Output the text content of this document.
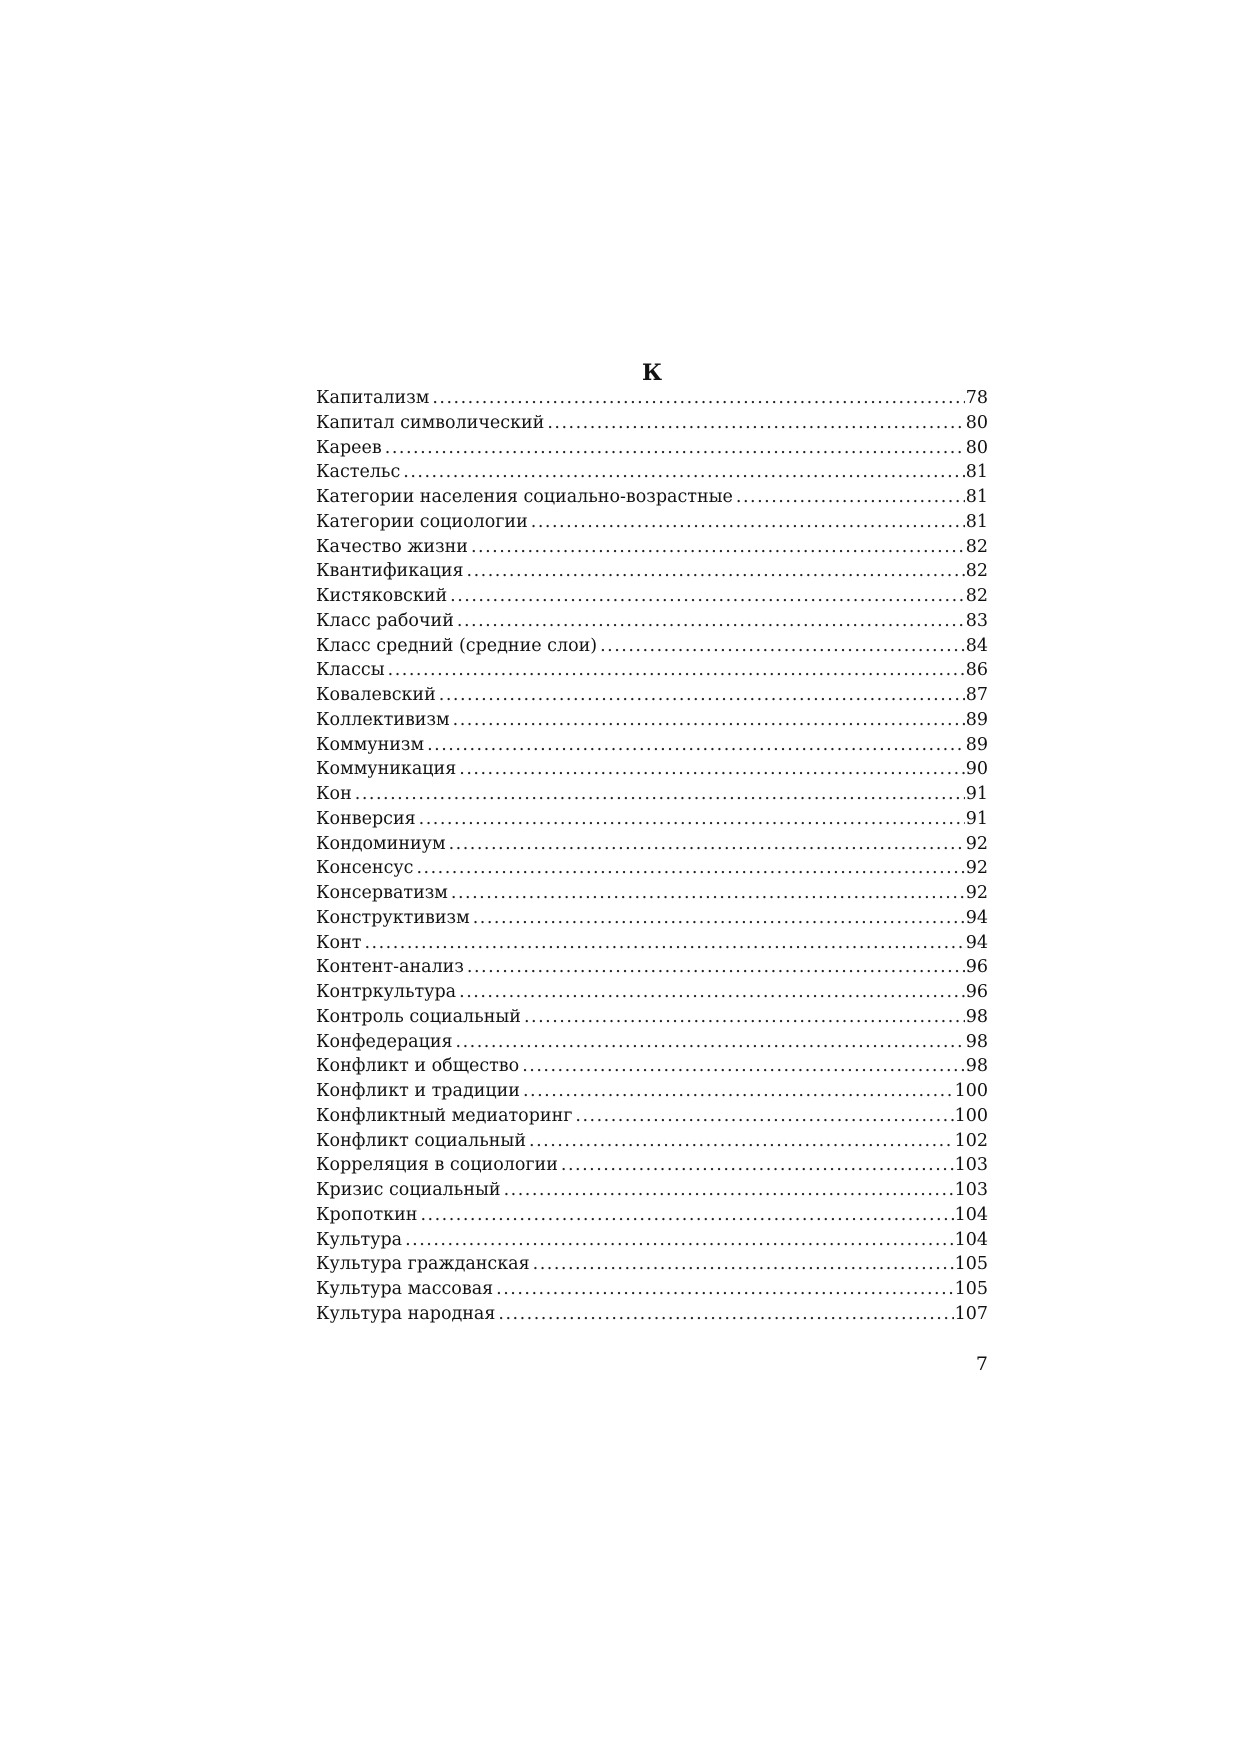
К
Капитализм .....	78
Капитал символический .....	80
Кареев .....	80
Кастельс .....	81
Категории населения социально-возрастные .....	81
Категории социологии .....	81
Качество жизни .....	82
Квантификация .....	82
Кистяковский .....	82
Класс рабочий .....	83
Класс средний (средние слои) .....	84
Классы .....	86
Ковалевский .....	87
Коллективизм .....	89
Коммунизм .....	89
Коммуникация .....	90
Кон .....	91
Конверсия .....	91
Кондоминиум .....	92
Консенсус .....	92
Консерватизм .....	92
Конструктивизм .....	94
Конт .....	94
Контент-анализ .....	96
Контркультура .....	96
Контроль социальный .....	98
Конфедерация .....	98
Конфликт и общество .....	98
Конфликт и традиции .....	100
Конфликтный медиаторинг .....	100
Конфликт социальный .....	102
Корреляция в социологии .....	103
Кризис социальный .....	103
Кропоткин .....	104
Культура .....	104
Культура гражданская .....	105
Культура массовая .....	105
Культура народная .....	107
7
